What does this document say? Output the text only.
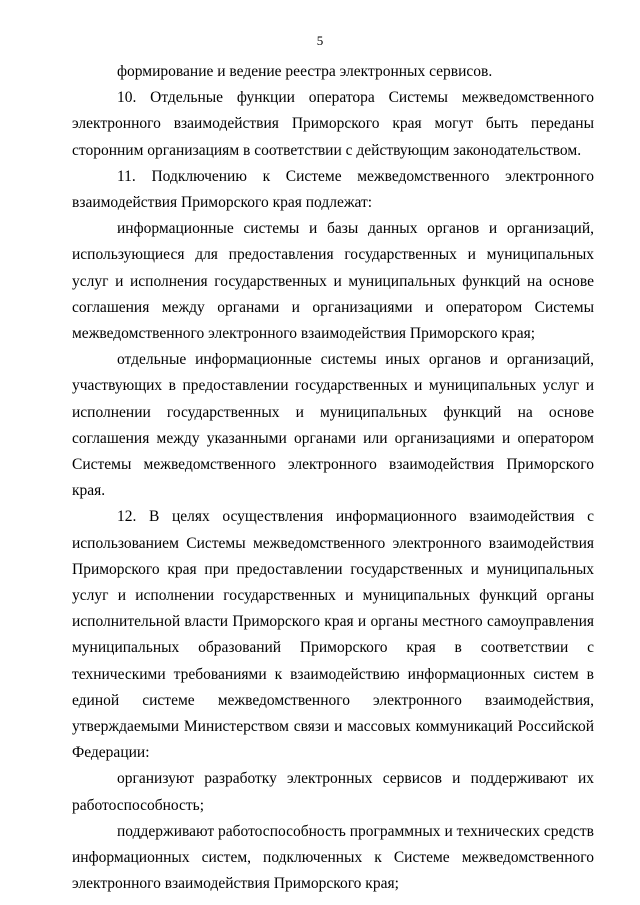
5

формирование и ведение реестра электронных сервисов.

10. Отдельные функции оператора Системы межведомственного электронного взаимодействия Приморского края могут быть переданы сторонним организациям в соответствии с действующим законодательством.

11. Подключению к Системе межведомственного электронного взаимодействия Приморского края подлежат:

информационные системы и базы данных органов и организаций, использующиеся для предоставления государственных и муниципальных услуг и исполнения государственных и муниципальных функций на основе соглашения между органами и организациями и оператором Системы межведомственного электронного взаимодействия Приморского края;

отдельные информационные системы иных органов и организаций, участвующих в предоставлении государственных и муниципальных услуг и исполнении государственных и муниципальных функций на основе соглашения между указанными органами или организациями и оператором Системы межведомственного электронного взаимодействия Приморского края.

12. В целях осуществления информационного взаимодействия с использованием Системы межведомственного электронного взаимодействия Приморского края при предоставлении государственных и муниципальных услуг и исполнении государственных и муниципальных функций органы исполнительной власти Приморского края и органы местного самоуправления муниципальных образований Приморского края в соответствии с техническими требованиями к взаимодействию информационных систем в единой системе межведомственного электронного взаимодействия, утверждаемыми Министерством связи и массовых коммуникаций Российской Федерации:

организуют разработку электронных сервисов и поддерживают их работоспособность;

поддерживают работоспособность программных и технических средств информационных систем, подключенных к Системе межведомственного электронного взаимодействия Приморского края;
